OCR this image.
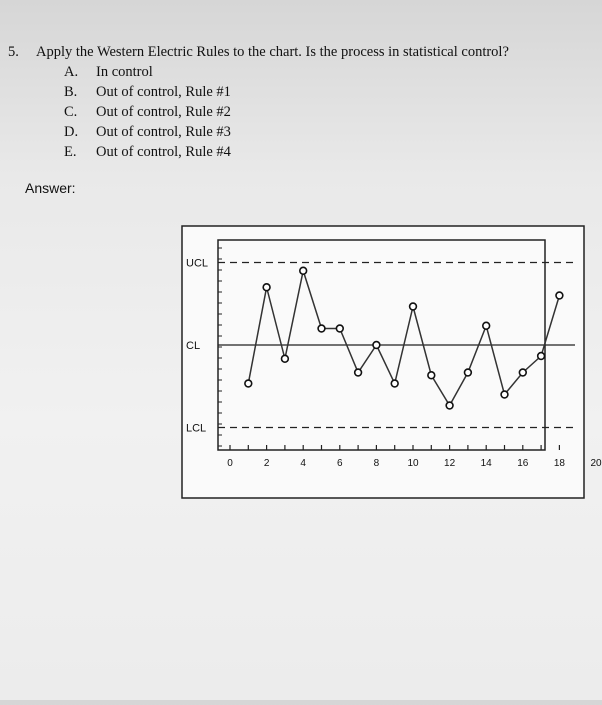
5. Apply the Western Electric Rules to the chart. Is the process in statistical control?
A. In control
B. Out of control, Rule #1
C. Out of control, Rule #2
D. Out of control, Rule #3
E. Out of control, Rule #4
Answer:
0	2	4	6	8	10	12	14	16	18	20
UCL
CL
LCL
